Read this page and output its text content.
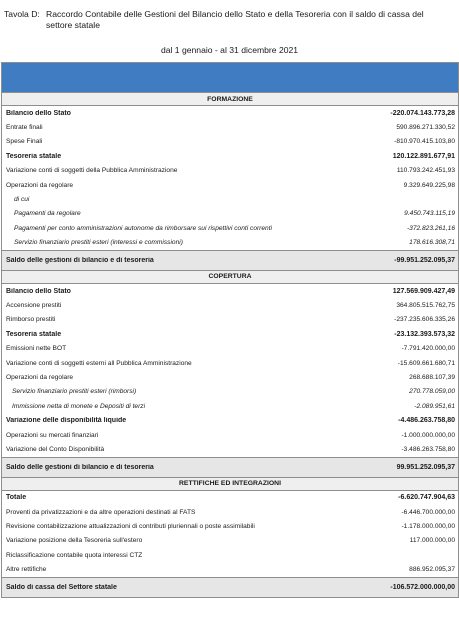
Tavola D: Raccordo Contabile delle Gestioni del Bilancio dello Stato e della Tesoreria con il saldo di cassa del
settore statale
dal 1 gennaio - al 31 dicembre 2021
FORMAZIONE
Bilancio dello Stato	-220.074.143.773,28
Entrate finali	590.896.271.330,52
Spese Finali	-810.970.415.103,80
Tesoreria statale	120.122.891.677,91
Variazione conti di soggetti della Pubblica Amministrazione	110.793.242.451,93
Operazioni da regolare	9.329.649.225,98
di cui
Pagamenti da regolare	9.450.743.115,19
Pagamenti per conto amministrazioni autonome da rimborsare sui rispettivi conti correnti	-372.823.261,16
Servizio finanziario prestiti esteri (interessi e commissioni)	178.616.308,71
Saldo delle gestioni di bilancio e di tesoreria	-99.951.252.095,37
COPERTURA
Bilancio dello Stato	127.569.909.427,49
Accensione prestiti	364.805.515.762,75
Rimborso prestiti	-237.235.606.335,26
Tesoreria statale	-23.132.393.573,32
Emissioni nette BOT	-7.791.420.000,00
Variazione conti di soggetti esterni all Pubblica Amministrazione	-15.609.661.680,71
Operazioni da regolare	268.688.107,39
Servizio finanziario prestiti esteri (rimborsi)	270.778.059,00
Immissione netta di monete e Depositi di terzi	-2.089.951,61
Variazione delle disponibilità liquide	-4.486.263.758,80
Operazioni su mercati finanziari	-1.000.000.000,00
Variazione del Conto Disponibilità	-3.486.263.758,80
Saldo delle gestioni di bilancio e di tesoreria	99.951.252.095,37
RETTIFICHE ED INTEGRAZIONI
Totale	-6.620.747.904,63
Proventi da privatizzazioni e da altre operazioni destinati al FATS	-6.446.700.000,00
Revisione contabilizzazione attualizzazioni di contributi pluriennali o poste assimilabili	-1.178.000.000,00
Variazione posizione della Tesoreria sull'estero	117.000.000,00
Riclassificazione contabile quota interessi CTZ
Altre rettifiche	886.952.095,37
Saldo di cassa del Settore statale	-106.572.000.000,00
